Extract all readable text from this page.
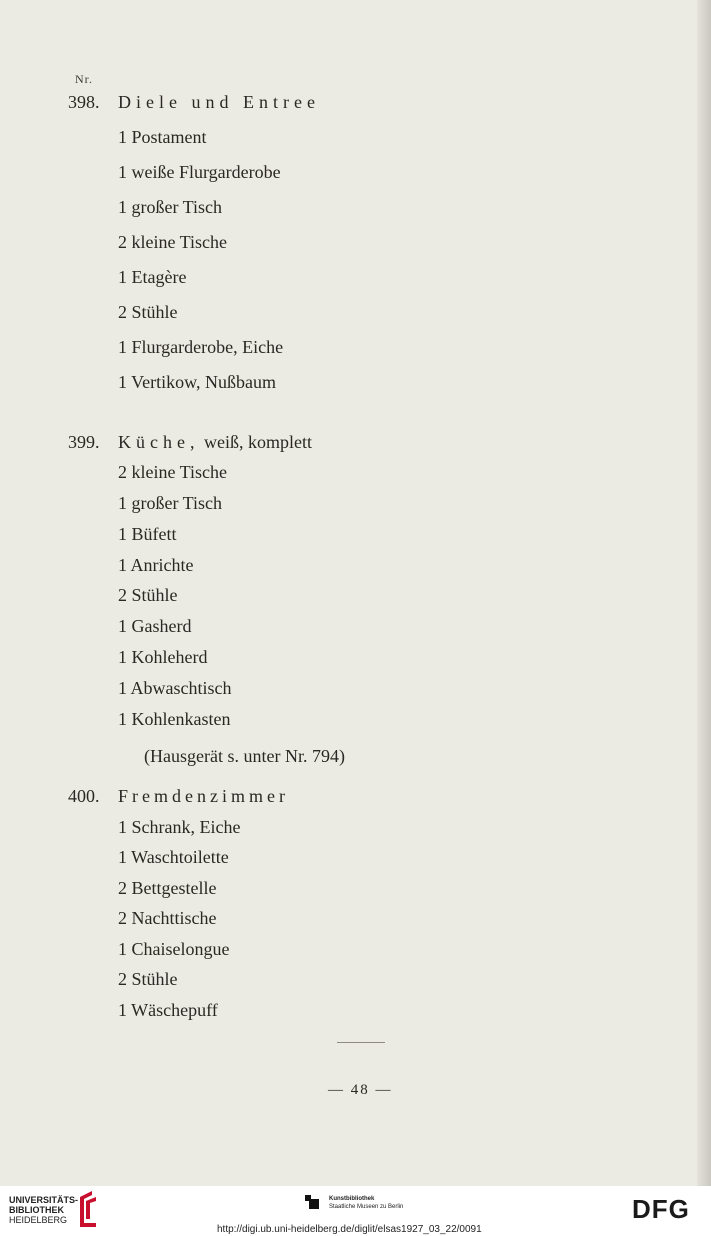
Nr.
398. Diele und Entree
1 Postament
1 weiße Flurgarderobe
1 großer Tisch
2 kleine Tische
1 Etagère
2 Stühle
1 Flurgarderobe, Eiche
1 Vertikow, Nußbaum
399. Küche, weiß, komplett
2 kleine Tische
1 großer Tisch
1 Büfett
1 Anrichte
2 Stühle
1 Gasherd
1 Kohleherd
1 Abwaschtisch
1 Kohlenkasten
(Hausgerät s. unter Nr. 794)
400. Fremdenzimmer
1 Schrank, Eiche
1 Waschtoilette
2 Bettgestelle
2 Nachttische
1 Chaiselongue
2 Stühle
1 Wäschepuff
— 48 —
UNIVERSITÄTS-
BIBLIOTHEK
HEIDELBERG
Kunstbibliothek
Staatliche Museen zu Berlin	DFG
http://digi.ub.uni-heidelberg.de/diglit/elsas1927_03_22/0091
